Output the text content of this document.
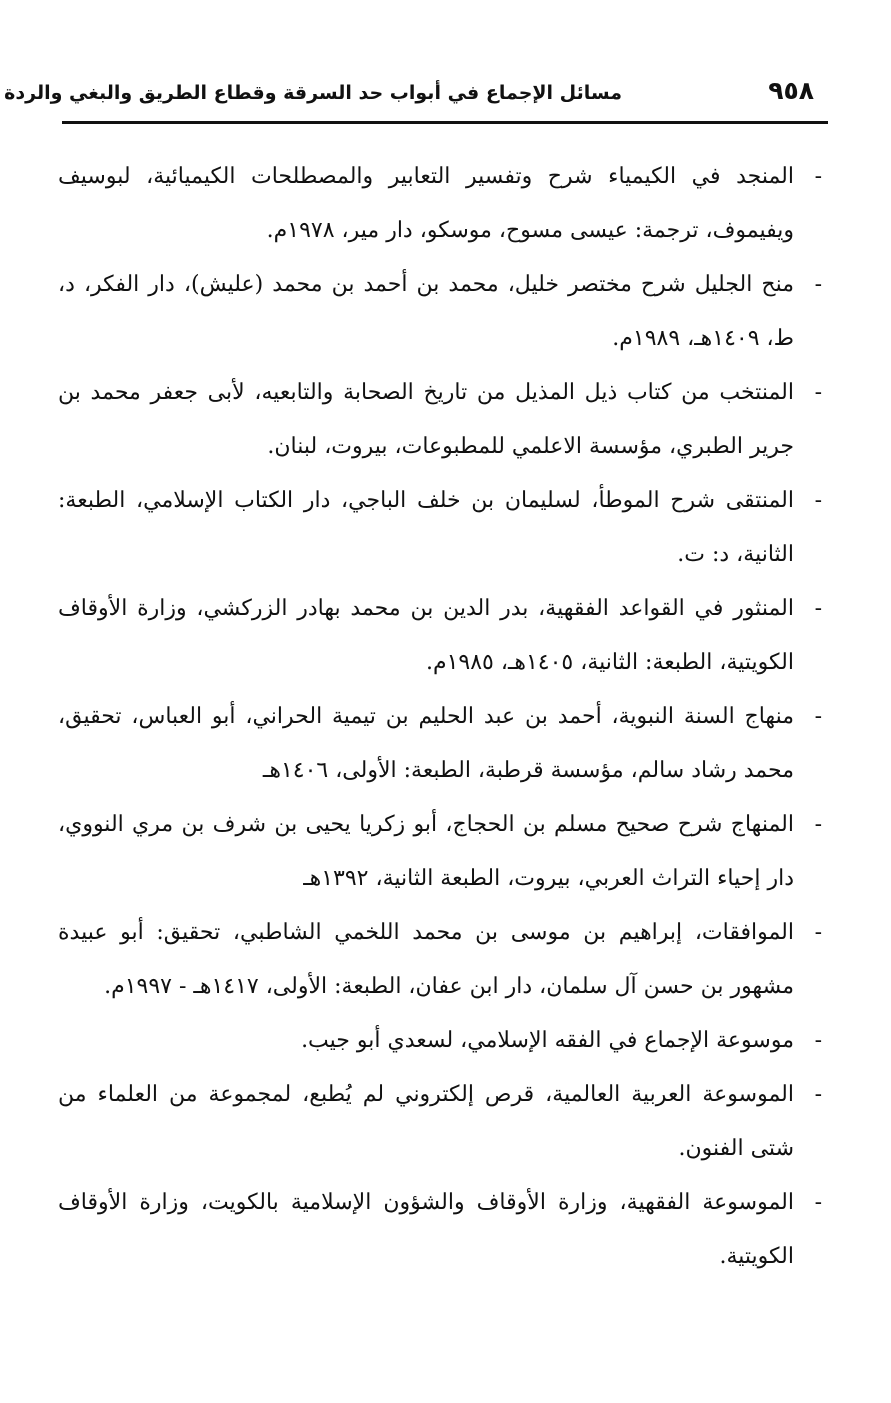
٩٥٨
مسائل الإجماع في أبواب حد السرقة وقطاع الطريق والبغي والردة
-
المنجد في الكيمياء شرح وتفسير التعابير والمصطلحات الكيميائية، لبوسيف ويفيموف، ترجمة: عيسى مسوح، موسكو، دار مير، ١٩٧٨م.
-
منح الجليل شرح مختصر خليل، محمد بن أحمد بن محمد (عليش)، دار الفكر، د، ط، ١٤٠٩هـ، ١٩٨٩م.
-
المنتخب من كتاب ذيل المذيل من تاريخ الصحابة والتابعيه، لأبى جعفر محمد بن جرير الطبري، مؤسسة الاعلمي للمطبوعات، بيروت، لبنان.
-
المنتقى شرح الموطأ، لسليمان بن خلف الباجي، دار الكتاب الإسلامي، الطبعة: الثانية، د: ت.
-
المنثور في القواعد الفقهية، بدر الدين بن محمد بهادر الزركشي، وزارة الأوقاف الكويتية، الطبعة: الثانية، ١٤٠٥هـ، ١٩٨٥م.
-
منهاج السنة النبوية، أحمد بن عبد الحليم بن تيمية الحراني، أبو العباس، تحقيق، محمد رشاد سالم، مؤسسة قرطبة، الطبعة: الأولى، ١٤٠٦هـ
-
المنهاج شرح صحيح مسلم بن الحجاج، أبو زكريا يحيى بن شرف بن مري النووي، دار إحياء التراث العربي، بيروت، الطبعة الثانية، ١٣٩٢هـ
-
الموافقات، إبراهيم بن موسى بن محمد اللخمي الشاطبي، تحقيق: أبو عبيدة مشهور بن حسن آل سلمان، دار ابن عفان، الطبعة: الأولى، ١٤١٧هـ - ١٩٩٧م.
-
موسوعة الإجماع في الفقه الإسلامي، لسعدي أبو جيب.
-
الموسوعة العربية العالمية، قرص إلكتروني لم يُطبع، لمجموعة من العلماء من شتى الفنون.
-
الموسوعة الفقهية، وزارة الأوقاف والشؤون الإسلامية بالكويت، وزارة الأوقاف الكويتية.
